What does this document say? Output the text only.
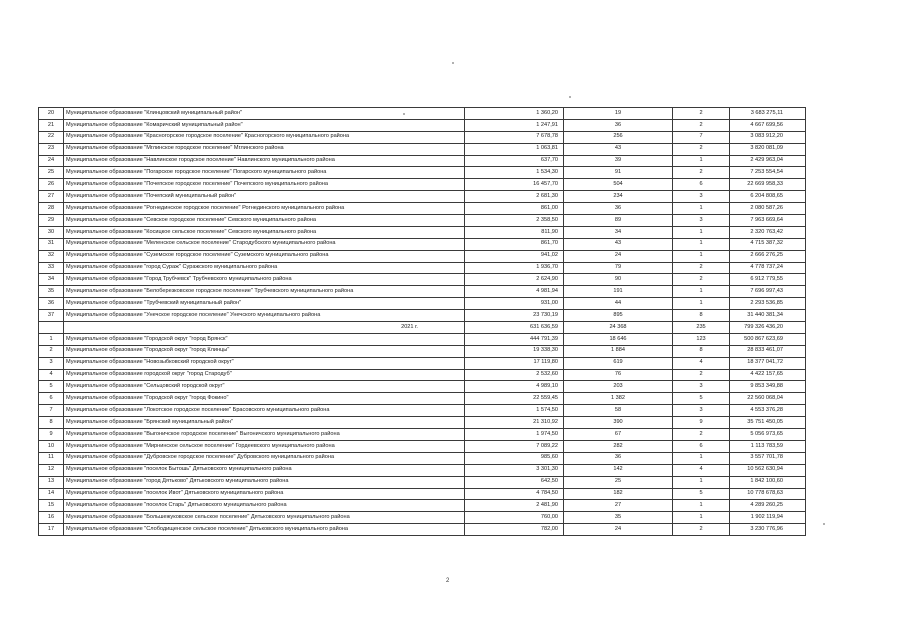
20	Муниципальное образование "Клинцовский муниципальный район"	1 360,20	19	2	3 683 275,11
21	Муниципальное образование "Комаричский муниципальный район"	1 247,91	36	2	4 667 699,56
22	Муниципальное образование "Красногорское городское поселение" Красногорского муниципального района	7 678,78	256	7	3 083 912,20
23	Муниципальное образование "Мглинское городское поселение" Мглинского района	1 063,81	43	2	3 820 081,09
24	Муниципальное образование "Навлинское городское поселение" Навлинского муниципального района	637,70	39	1	2 429 963,04
25	Муниципальное образование "Погарское городское поселение" Погарского муниципального района	1 534,30	91	2	7 253 554,54
26	Муниципальное образование "Почепское городское поселение" Почепского муниципального района	16 457,70	504	6	22 669 958,33
27	Муниципальное образование "Почепский муниципальный район"	2 681,30	234	3	6 204 808,65
28	Муниципальное образование "Рогнединское городское поселение" Рогнединского муниципального района	861,00	36	1	2 080 587,26
29	Муниципальное образование "Севское городское поселение" Севского муниципального района	2 358,50	89	3	7 963 669,64
30	Муниципальное образование "Косицкое сельское поселение" Севского муниципального района	811,90	34	1	2 320 763,42
31	Муниципальное образование "Меленское сельское поселение" Стародубского муниципального района	861,70	43	1	4 715 387,32
32	Муниципальное образование "Суземское городское поселение" Суземского муниципального района	941,02	24	1	2 666 276,25
33	Муниципальное образование "город Сураж" Суражского муниципального района	1 936,70	79	2	4 778 737,24
34	Муниципальное образование "Город Трубчевск" Трубчевского муниципального района	2 624,90	90	2	6 912 779,55
35	Муниципальное образование "Белоберезковское городское поселение" Трубчевского муниципального района	4 981,94	191	1	7 696 997,43
36	Муниципальное образование "Трубчевский муниципальный район"	931,00	44	1	2 293 536,85
37	Муниципальное образование "Унечское городское поселение" Унечского муниципального района	23 730,19	895	8	31 440 381,34
	2021 г.	631 636,59	24 368	235	799 326 436,20
1	Муниципальное образование "Городской округ "город Брянск"	444 791,39	18 646	123	500 867 623,69
2	Муниципальное образование "Городской округ "город Клинцы"	19 338,30	1 884	8	28 833 461,07
3	Муниципальное образование "Новозыбковский городской округ"	17 119,80	619	4	18 377 041,72
4	Муниципальное образование городской округ "город Стародуб"	2 532,60	76	2	4 422 157,65
5	Муниципальное образование "Сельцовский городской округ"	4 989,10	203	3	9 853 349,88
6	Муниципальное образование "Городской округ "город Фокино"	22 559,45	1 382	5	22 560 068,04
7	Муниципальное образование "Локотское городское поселение" Брасовского муниципального района	1 574,50	58	3	4 553 376,28
8	Муниципальное образование "Брянский муниципальный район"	21 310,92	390	9	35 751 450,05
9	Муниципальное образование "Выгоничское городское поселение" Выгоничского муниципального района	1 974,50	67	2	5 056 973,65
10	Муниципальное образование "Мирнинское сельское поселение" Гордеевского муниципального района	7 089,22	282	6	1 113 783,59
11	Муниципальное образование "Дубровское городское поселение" Дубровского муниципального района	985,60	36	1	3 557 701,78
12	Муниципальное образование "поселок Бытошь" Дятьковского муниципального района	3 301,30	142	4	10 562 630,94
13	Муниципальное образование "город Дятьково" Дятьковского муниципального района	642,50	25	1	1 842 100,60
14	Муниципальное образование "поселок Ивот" Дятьковского муниципального района	4 784,50	182	5	10 778 678,63
15	Муниципальное образование "поселок Старь" Дятьковского муниципального района	2 481,90	27	1	4 289 260,25
16	Муниципальное образование "Большежуковское сельское поселение" Дятьковского муниципального района	760,00	35	1	1 902 119,94
17	Муниципальное образование "Слободищенское сельское поселение" Дятьковского муниципального района	782,00	24	2	3 230 776,96
2
